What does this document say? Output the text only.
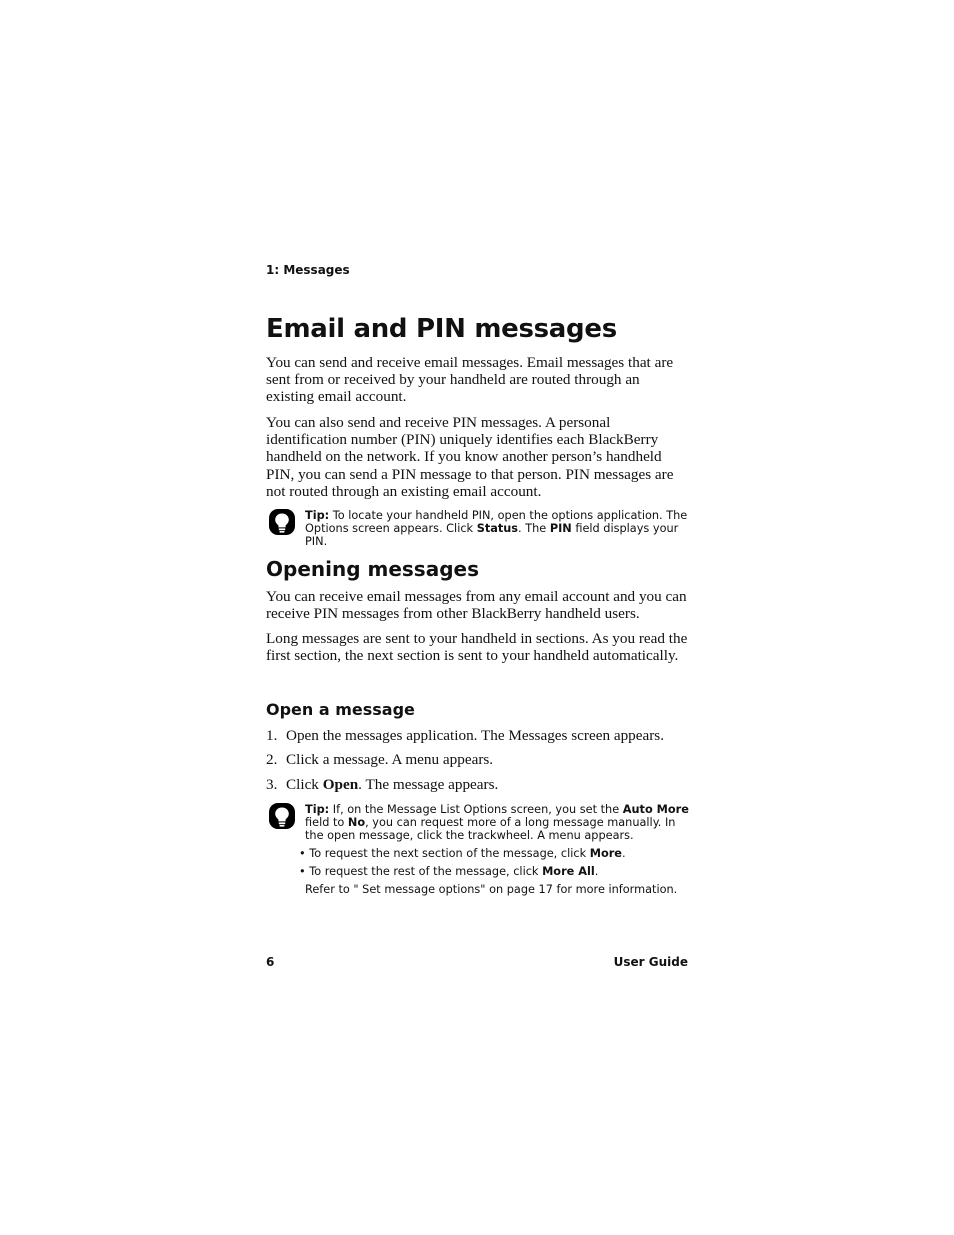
1: Messages
Email and PIN messages

You can send and receive email messages. Email messages that are sent from or received by your handheld are routed through an existing email account.

You can also send and receive PIN messages. A personal identification number (PIN) uniquely identifies each BlackBerry handheld on the network. If you know another person’s handheld PIN, you can send a PIN message to that person. PIN messages are not routed through an existing email account.

Tip: To locate your handheld PIN, open the options application. The Options screen appears. Click Status. The PIN field displays your PIN.
Opening messages

You can receive email messages from any email account and you can receive PIN messages from other BlackBerry handheld users.

Long messages are sent to your handheld in sections. As you read the first section, the next section is sent to your handheld automatically.

Open a message
1. Open the messages application. The Messages screen appears.
2. Click a message. A menu appears.
3. Click Open. The message appears.
Tip: If, on the Message List Options screen, you set the Auto More field to No, you can request more of a long message manually. In the open message, click the trackwheel. A menu appears.
• To request the next section of the message, click More.
• To request the rest of the message, click More All.
Refer to " Set message options" on page 17 for more information.
6	User Guide
